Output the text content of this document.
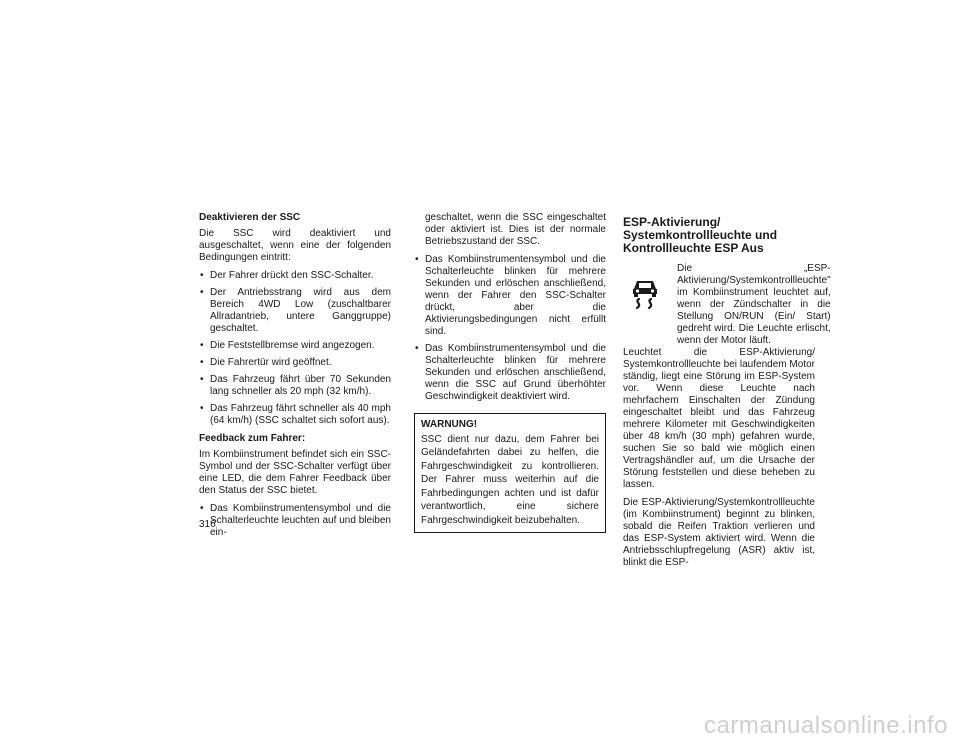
Deaktivieren der SSC
Die SSC wird deaktiviert und ausgeschaltet, wenn eine der folgenden Bedingungen eintritt:
• Der Fahrer drückt den SSC-Schalter.
• Der Antriebsstrang wird aus dem Bereich 4WD Low (zuschaltbarer Allradantrieb, untere Ganggruppe) geschaltet.
• Die Feststellbremse wird angezogen.
• Die Fahrertür wird geöffnet.
• Das Fahrzeug fährt über 70 Sekunden lang schneller als 20 mph (32 km/h).
• Das Fahrzeug fährt schneller als 40 mph (64 km/h) (SSC schaltet sich sofort aus).
Feedback zum Fahrer:
Im Kombiinstrument befindet sich ein SSC-Symbol und der SSC-Schalter verfügt über eine LED, die dem Fahrer Feedback über den Status der SSC bietet.
• Das Kombiinstrumentensymbol und die Schalterleuchte leuchten auf und bleiben ein-
geschaltet, wenn die SSC eingeschaltet oder aktiviert ist. Dies ist der normale Betriebszustand der SSC.
• Das Kombiinstrumentensymbol und die Schalterleuchte blinken für mehrere Sekunden und erlöschen anschließend, wenn der Fahrer den SSC-Schalter drückt, aber die Aktivierungsbedingungen nicht erfüllt sind.
• Das Kombiinstrumentensymbol und die Schalterleuchte blinken für mehrere Sekunden und erlöschen anschließend, wenn die SSC auf Grund überhöhter Geschwindigkeit deaktiviert wird.
WARNUNG!
SSC dient nur dazu, dem Fahrer bei Geländefahrten dabei zu helfen, die Fahrgeschwindigkeit zu kontrollieren. Der Fahrer muss weiterhin auf die Fahrbedingungen achten und ist dafür verantwortlich, eine sichere Fahrgeschwindigkeit beizubehalten.
ESP-Aktivierung/ Systemkontrollleuchte und Kontrollleuchte ESP Aus
Die „ESP-Aktivierung/Systemkontrollleuchte" im Kombiinstrument leuchtet auf, wenn der Zündschalter in die Stellung ON/RUN (Ein/ Start) gedreht wird. Die Leuchte erlischt, wenn der Motor läuft.
Leuchtet die ESP-Aktivierung/ Systemkontrollleuchte bei laufendem Motor ständig, liegt eine Störung im ESP-System vor. Wenn diese Leuchte nach mehrfachem Einschalten der Zündung eingeschaltet bleibt und das Fahrzeug mehrere Kilometer mit Geschwindigkeiten über 48 km/h (30 mph) gefahren wurde, suchen Sie so bald wie möglich einen Vertragshändler auf, um die Ursache der Störung feststellen und diese beheben zu lassen.
Die ESP-Aktivierung/Systemkontrollleuchte (im Kombiinstrument) beginnt zu blinken, sobald die Reifen Traktion verlieren und das ESP-System aktiviert wird. Wenn die Antriebsschlupfregelung (ASR) aktiv ist, blinkt die ESP-
316
carmanualsonline.info
